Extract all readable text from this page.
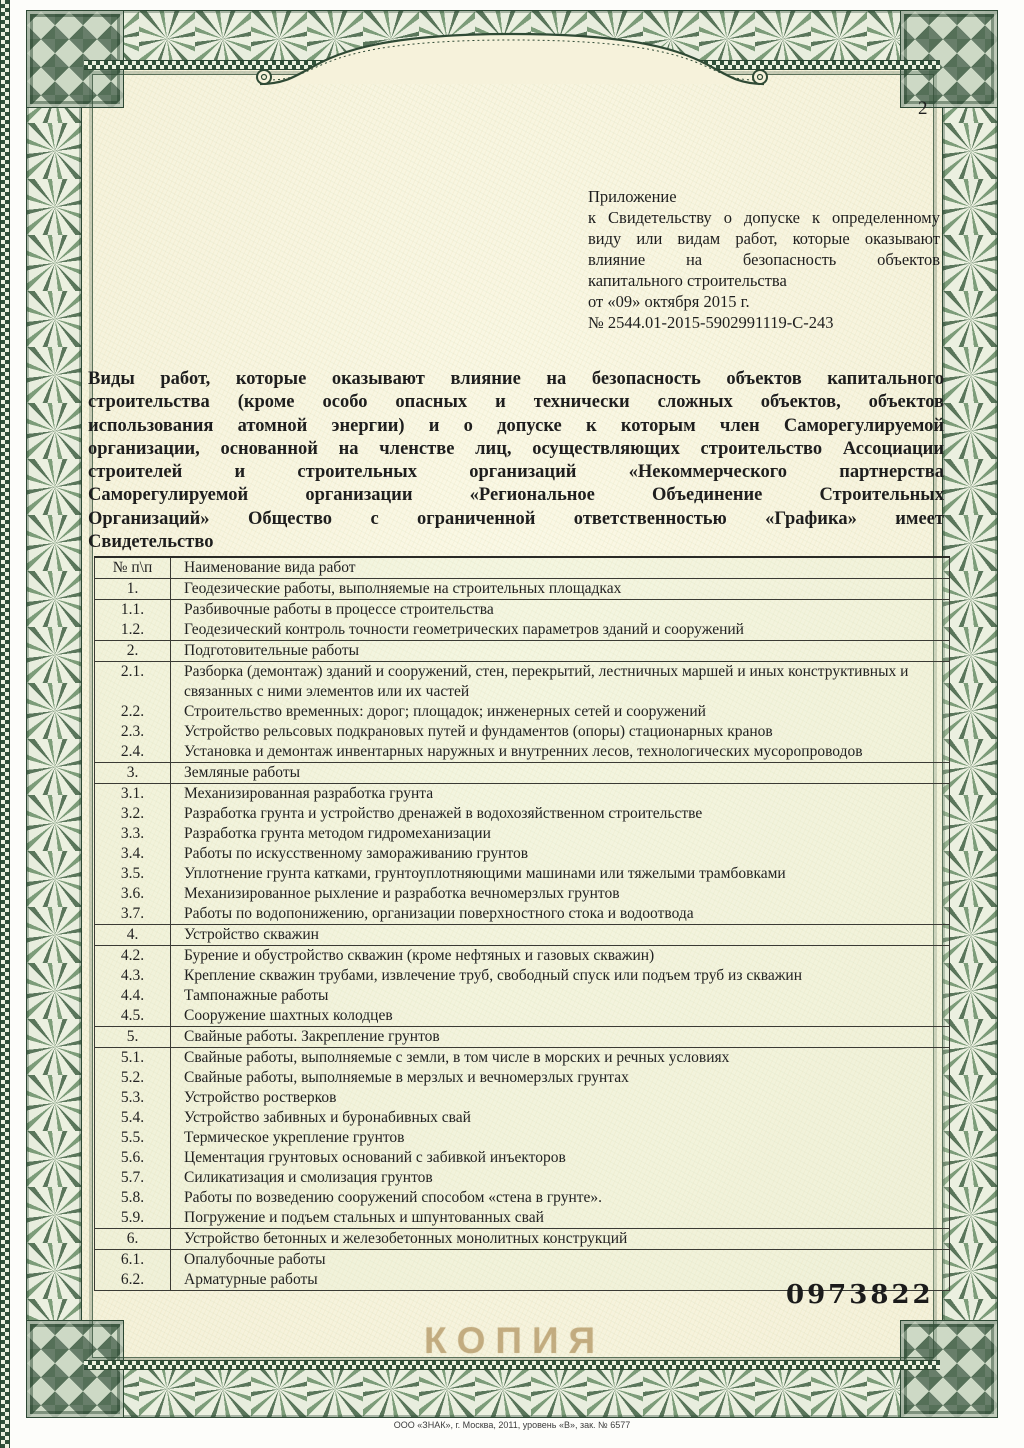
2
Приложение
к Свидетельству о допуске к определенному
виду или видам работ, которые оказывают
влияние на безопасность объектов
капитального строительства
от «09» октября 2015 г.
№ 2544.01-2015-5902991119-С-243
Виды работ, которые оказывают влияние на безопасность объектов капитального
строительства (кроме особо опасных и технически сложных объектов, объектов
использования атомной энергии) и о допуске к которым член Саморегулируемой
организации, основанной на членстве лиц, осуществляющих строительство Ассоциации
строителей и строительных организаций «Некоммерческого партнерства
Саморегулируемой организации «Региональное Объединение Строительных
Организаций» Общество с ограниченной ответственностью «Графика» имеет
Свидетельство
№ п\п	Наименование вида работ
1.	Геодезические работы, выполняемые на строительных площадках
1.1.	Разбивочные работы в процессе строительства
1.2.	Геодезический контроль точности геометрических параметров зданий и сооружений
2.	Подготовительные работы
2.1.	Разборка (демонтаж) зданий и сооружений, стен, перекрытий, лестничных маршей и иных конструктивных и связанных с ними элементов или их частей
2.2.	Строительство временных: дорог; площадок; инженерных сетей и сооружений
2.3.	Устройство рельсовых подкрановых путей и фундаментов (опоры) стационарных кранов
2.4.	Установка и демонтаж инвентарных наружных и внутренних лесов, технологических мусоропроводов
3.	Земляные работы
3.1.	Механизированная разработка грунта
3.2.	Разработка грунта и устройство дренажей в водохозяйственном строительстве
3.3.	Разработка грунта методом гидромеханизации
3.4.	Работы по искусственному замораживанию грунтов
3.5.	Уплотнение грунта катками, грунтоуплотняющими машинами или тяжелыми трамбовками
3.6.	Механизированное рыхление и разработка вечномерзлых грунтов
3.7.	Работы по водопонижению, организации поверхностного стока и водоотвода
4.	Устройство скважин
4.2.	Бурение и обустройство скважин (кроме нефтяных и газовых скважин)
4.3.	Крепление скважин трубами, извлечение труб, свободный спуск или подъем труб из скважин
4.4.	Тампонажные работы
4.5.	Сооружение шахтных колодцев
5.	Свайные работы. Закрепление грунтов
5.1.	Свайные работы, выполняемые с земли, в том числе в морских и речных условиях
5.2.	Свайные работы, выполняемые в мерзлых и вечномерзлых грунтах
5.3.	Устройство ростверков
5.4.	Устройство забивных и буронабивных свай
5.5.	Термическое укрепление грунтов
5.6.	Цементация грунтовых оснований с забивкой инъекторов
5.7.	Силикатизация и смолизация грунтов
5.8.	Работы по возведению сооружений способом «стена в грунте».
5.9.	Погружение и подъем стальных и шпунтованных свай
6.	Устройство бетонных и железобетонных монолитных конструкций
6.1.	Опалубочные работы
6.2.	Арматурные работы
0973822
КОПИЯ
ООО «ЗНАК», г. Москва, 2011, уровень «В», зак. № 6577
